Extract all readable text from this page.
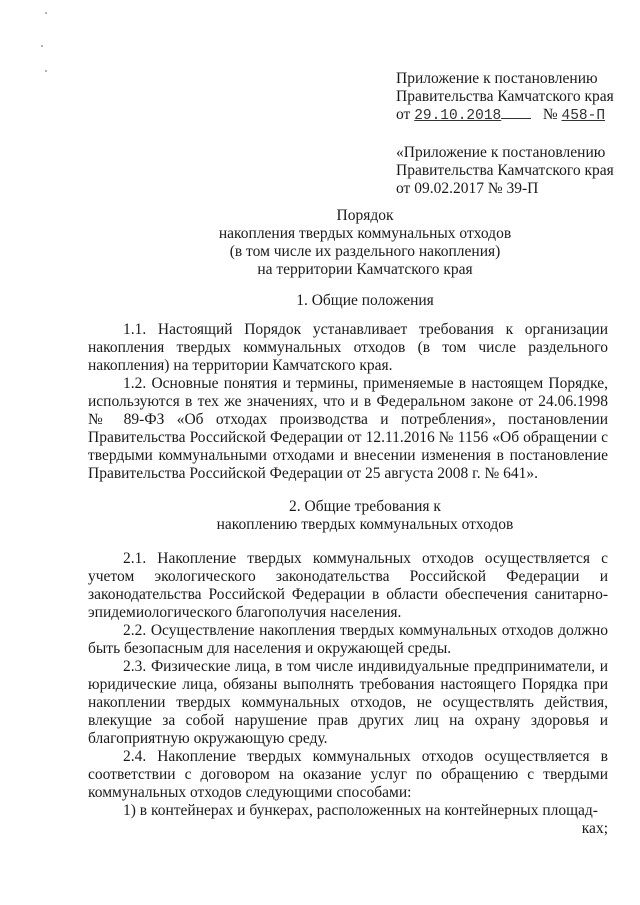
Приложение к постановлению
Правительства Камчатского края
от 29.10.2018	№ 458-П
«Приложение к постановлению
Правительства Камчатского края
от 09.02.2017 № 39-П
Порядок
накопления твердых коммунальных отходов
(в том числе их раздельного накопления)
на территории Камчатского края
1. Общие положения

1.1. Настоящий Порядок устанавливает требования к организации накопления твердых коммунальных отходов (в том числе раздельного накопления) на территории Камчатского края.

1.2. Основные понятия и термины, применяемые в настоящем Порядке, используются в тех же значениях, что и в Федеральном законе от 24.06.1998 № 89-ФЗ «Об отходах производства и потребления», постановлении Правительства Российской Федерации от 12.11.2016 № 1156 «Об обращении с твердыми коммунальными отходами и внесении изменения в постановление Правительства Российской Федерации от 25 августа 2008 г. № 641».

2. Общие требования к
накоплению твердых коммунальных отходов

2.1. Накопление твердых коммунальных отходов осуществляется с учетом экологического законодательства Российской Федерации и законодательства Российской Федерации в области обеспечения санитарно-эпидемиологического благополучия населения.

2.2. Осуществление накопления твердых коммунальных отходов должно быть безопасным для населения и окружающей среды.

2.3. Физические лица, в том числе индивидуальные предприниматели, и юридические лица, обязаны выполнять требования настоящего Порядка при накоплении твердых коммунальных отходов, не осуществлять действия, влекущие за собой нарушение прав других лиц на охрану здоровья и благоприятную окружающую среду.

2.4. Накопление твердых коммунальных отходов осуществляется в соответствии с договором на оказание услуг по обращению с твердыми коммунальных отходов следующими способами:

1) в контейнерах и бункерах, расположенных на контейнерных площад-

ках;
